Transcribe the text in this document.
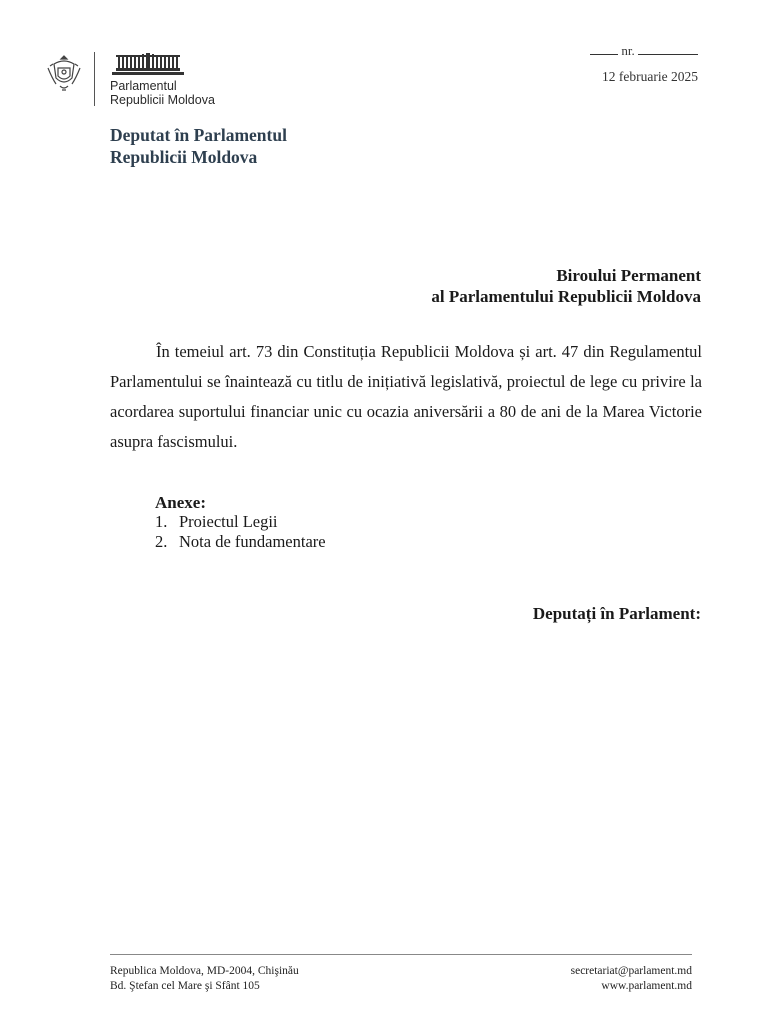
Parlamentul
Republicii Moldova
nr.
12 februarie 2025
Deputat în Parlamentul
Republicii Moldova
Biroului Permanent
al Parlamentului Republicii Moldova

În temeiul art. 73 din Constituția Republicii Moldova și art. 47 din Regulamentul Parlamentului se înaintează cu titlu de inițiativă legislativă, proiectul de lege cu privire la acordarea suportului financiar unic cu ocazia aniversării a 80 de ani de la Marea Victorie asupra fascismului.

Anexe:
1. Proiectul Legii
2. Nota de fundamentare
Deputați în Parlament:
Republica Moldova, MD-2004, Chişinău
Bd. Ştefan cel Mare şi Sfânt 105
secretariat@parlament.md
www.parlament.md
